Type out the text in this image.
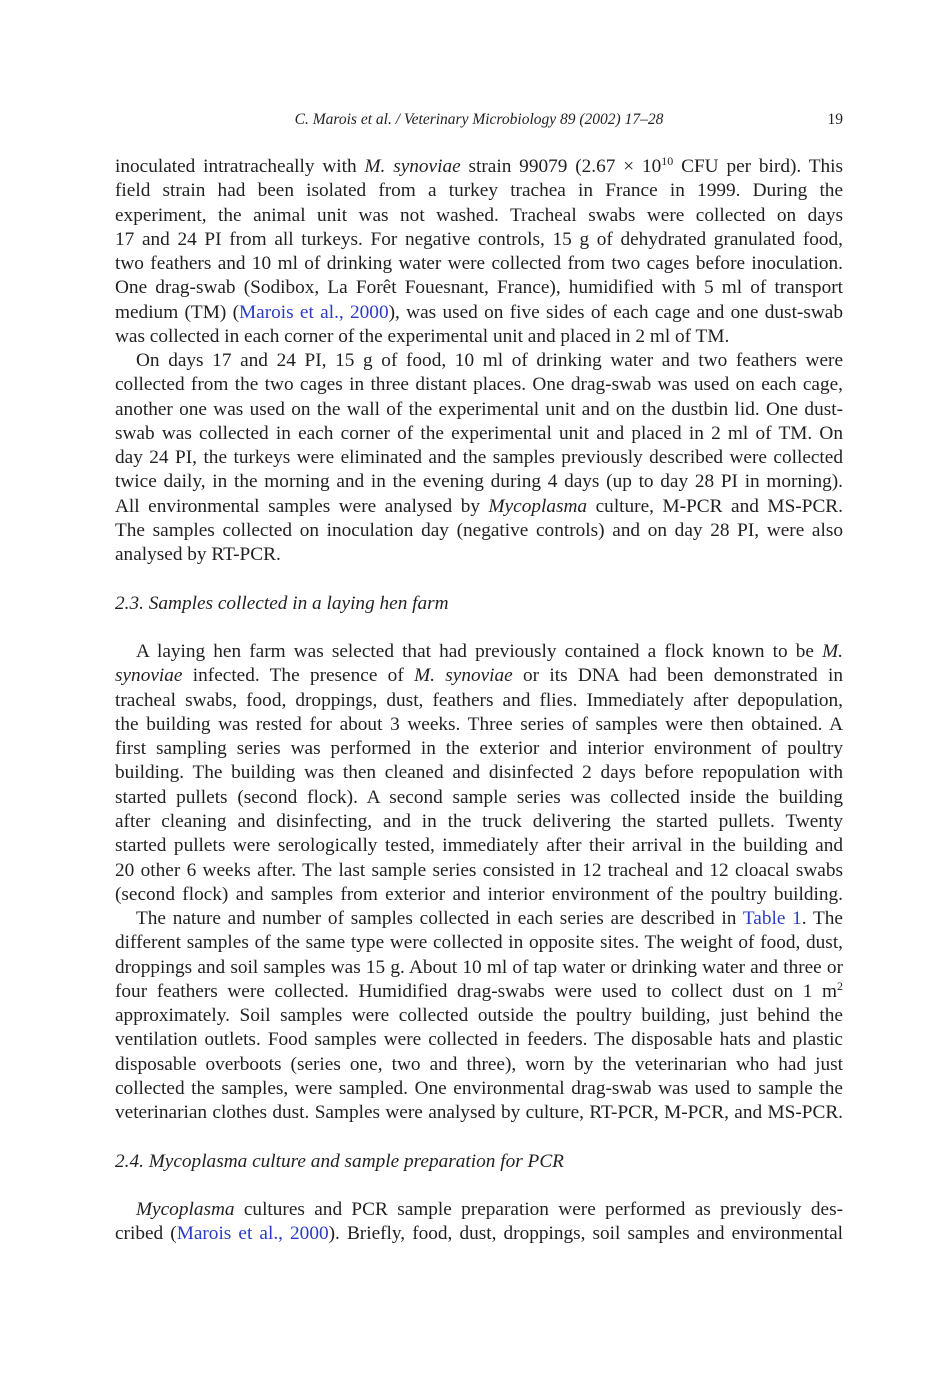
C. Marois et al. / Veterinary Microbiology 89 (2002) 17–28	19
inoculated intratracheally with M. synoviae strain 99079 ($2.67 \times 10^{10}$ CFU per bird). This
field strain had been isolated from a turkey trachea in France in 1999. During the
experiment, the animal unit was not washed. Tracheal swabs were collected on days
17 and 24 PI from all turkeys. For negative controls, 15 g of dehydrated granulated food,
two feathers and 10 ml of drinking water were collected from two cages before inoculation.
One drag-swab (Sodibox, La Forêt Fouesnant, France), humidified with 5 ml of transport
medium (TM) (Marois et al., 2000), was used on five sides of each cage and one dust-swab
was collected in each corner of the experimental unit and placed in 2 ml of TM.
On days 17 and 24 PI, 15 g of food, 10 ml of drinking water and two feathers were
collected from the two cages in three distant places. One drag-swab was used on each cage,
another one was used on the wall of the experimental unit and on the dustbin lid. One dust-
swab was collected in each corner of the experimental unit and placed in 2 ml of TM. On
day 24 PI, the turkeys were eliminated and the samples previously described were collected
twice daily, in the morning and in the evening during 4 days (up to day 28 PI in morning).
All environmental samples were analysed by Mycoplasma culture, M-PCR and MS-PCR.
The samples collected on inoculation day (negative controls) and on day 28 PI, were also
analysed by RT-PCR.
2.3. Samples collected in a laying hen farm
A laying hen farm was selected that had previously contained a flock known to be M.
synoviae infected. The presence of M. synoviae or its DNA had been demonstrated in
tracheal swabs, food, droppings, dust, feathers and flies. Immediately after depopulation,
the building was rested for about 3 weeks. Three series of samples were then obtained. A
first sampling series was performed in the exterior and interior environment of poultry
building. The building was then cleaned and disinfected 2 days before repopulation with
started pullets (second flock). A second sample series was collected inside the building
after cleaning and disinfecting, and in the truck delivering the started pullets. Twenty
started pullets were serologically tested, immediately after their arrival in the building and
20 other 6 weeks after. The last sample series consisted in 12 tracheal and 12 cloacal swabs
(second flock) and samples from exterior and interior environment of the poultry building.
The nature and number of samples collected in each series are described in Table 1. The
different samples of the same type were collected in opposite sites. The weight of food, dust,
droppings and soil samples was 15 g. About 10 ml of tap water or drinking water and three or
four feathers were collected. Humidified drag-swabs were used to collect dust on 1 $m^2$
approximately. Soil samples were collected outside the poultry building, just behind the
ventilation outlets. Food samples were collected in feeders. The disposable hats and plastic
disposable overboots (series one, two and three), worn by the veterinarian who had just
collected the samples, were sampled. One environmental drag-swab was used to sample the
veterinarian clothes dust. Samples were analysed by culture, RT-PCR, M-PCR, and MS-PCR.
2.4. Mycoplasma culture and sample preparation for PCR
Mycoplasma cultures and PCR sample preparation were performed as previously des-
cribed (Marois et al., 2000). Briefly, food, dust, droppings, soil samples and environmental
